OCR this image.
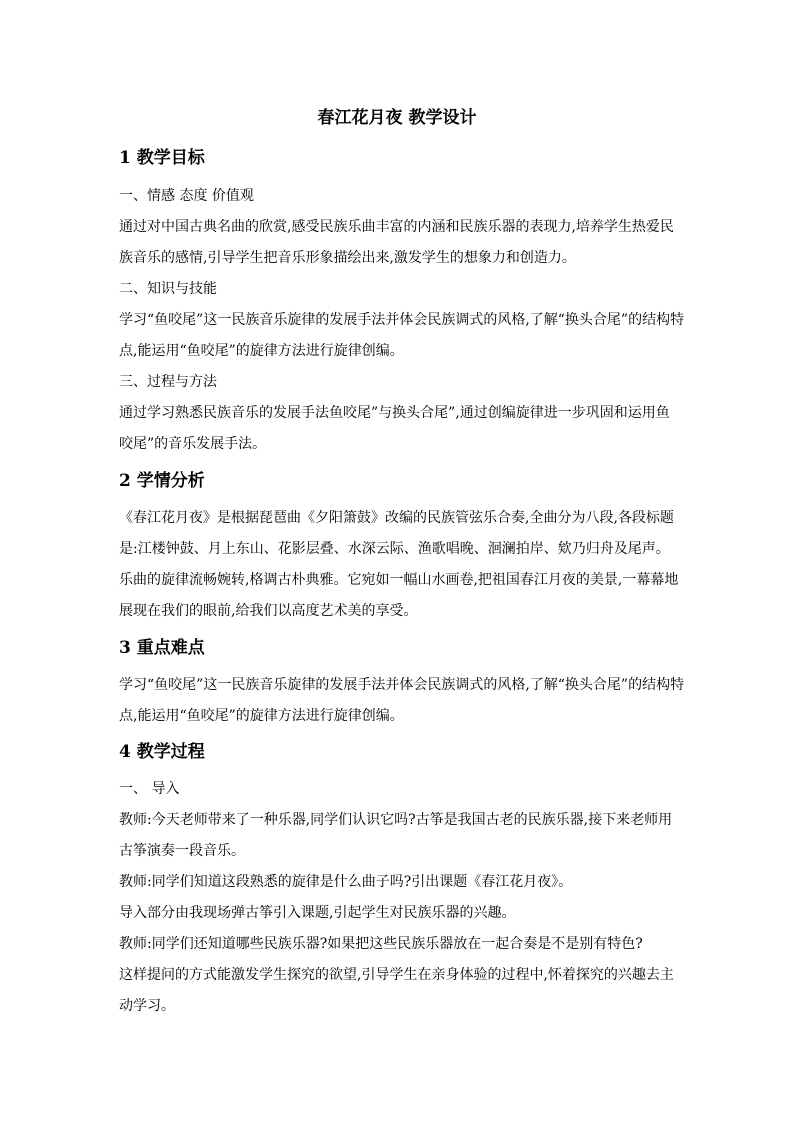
春江花月夜 教学设计
1 教学目标
一、情感 态度 价值观
通过对中国古典名曲的欣赏,感受民族乐曲丰富的内涵和民族乐器的表现力,培养学生热爱民
族音乐的感情,引导学生把音乐形象描绘出来,激发学生的想象力和创造力。
二、知识与技能
学习“鱼咬尾”这一民族音乐旋律的发展手法并体会民族调式的风格,了解“换头合尾”的结构特
点,能运用“鱼咬尾”的旋律方法进行旋律创编。
三、过程与方法
通过学习熟悉民族音乐的发展手法鱼咬尾”与换头合尾”,通过创编旋律进一步巩固和运用鱼
咬尾”的音乐发展手法。
2 学情分析
《春江花月夜》是根据琵琶曲《夕阳箫鼓》改编的民族管弦乐合奏,全曲分为八段,各段标题
是:江楼钟鼓、月上东山、花影层叠、水深云际、渔歌唱晚、洄澜拍岸、欸乃归舟及尾声。
乐曲的旋律流畅婉转,格调古朴典雅。它宛如一幅山水画卷,把祖国春江月夜的美景,一幕幕地
展现在我们的眼前,给我们以高度艺术美的享受。
3 重点难点
学习“鱼咬尾”这一民族音乐旋律的发展手法并体会民族调式的风格,了解“换头合尾”的结构特
点,能运用“鱼咬尾”的旋律方法进行旋律创编。
4 教学过程
一、 导入
教师:今天老师带来了一种乐器,同学们认识它吗?古筝是我国古老的民族乐器,接下来老师用
古筝演奏一段音乐。
教师:同学们知道这段熟悉的旋律是什么曲子吗?引出课题《春江花月夜》。
导入部分由我现场弹古筝引入课题,引起学生对民族乐器的兴趣。
教师:同学们还知道哪些民族乐器?如果把这些民族乐器放在一起合奏是不是别有特色?
这样提问的方式能激发学生探究的欲望,引导学生在亲身体验的过程中,怀着探究的兴趣去主
动学习。
